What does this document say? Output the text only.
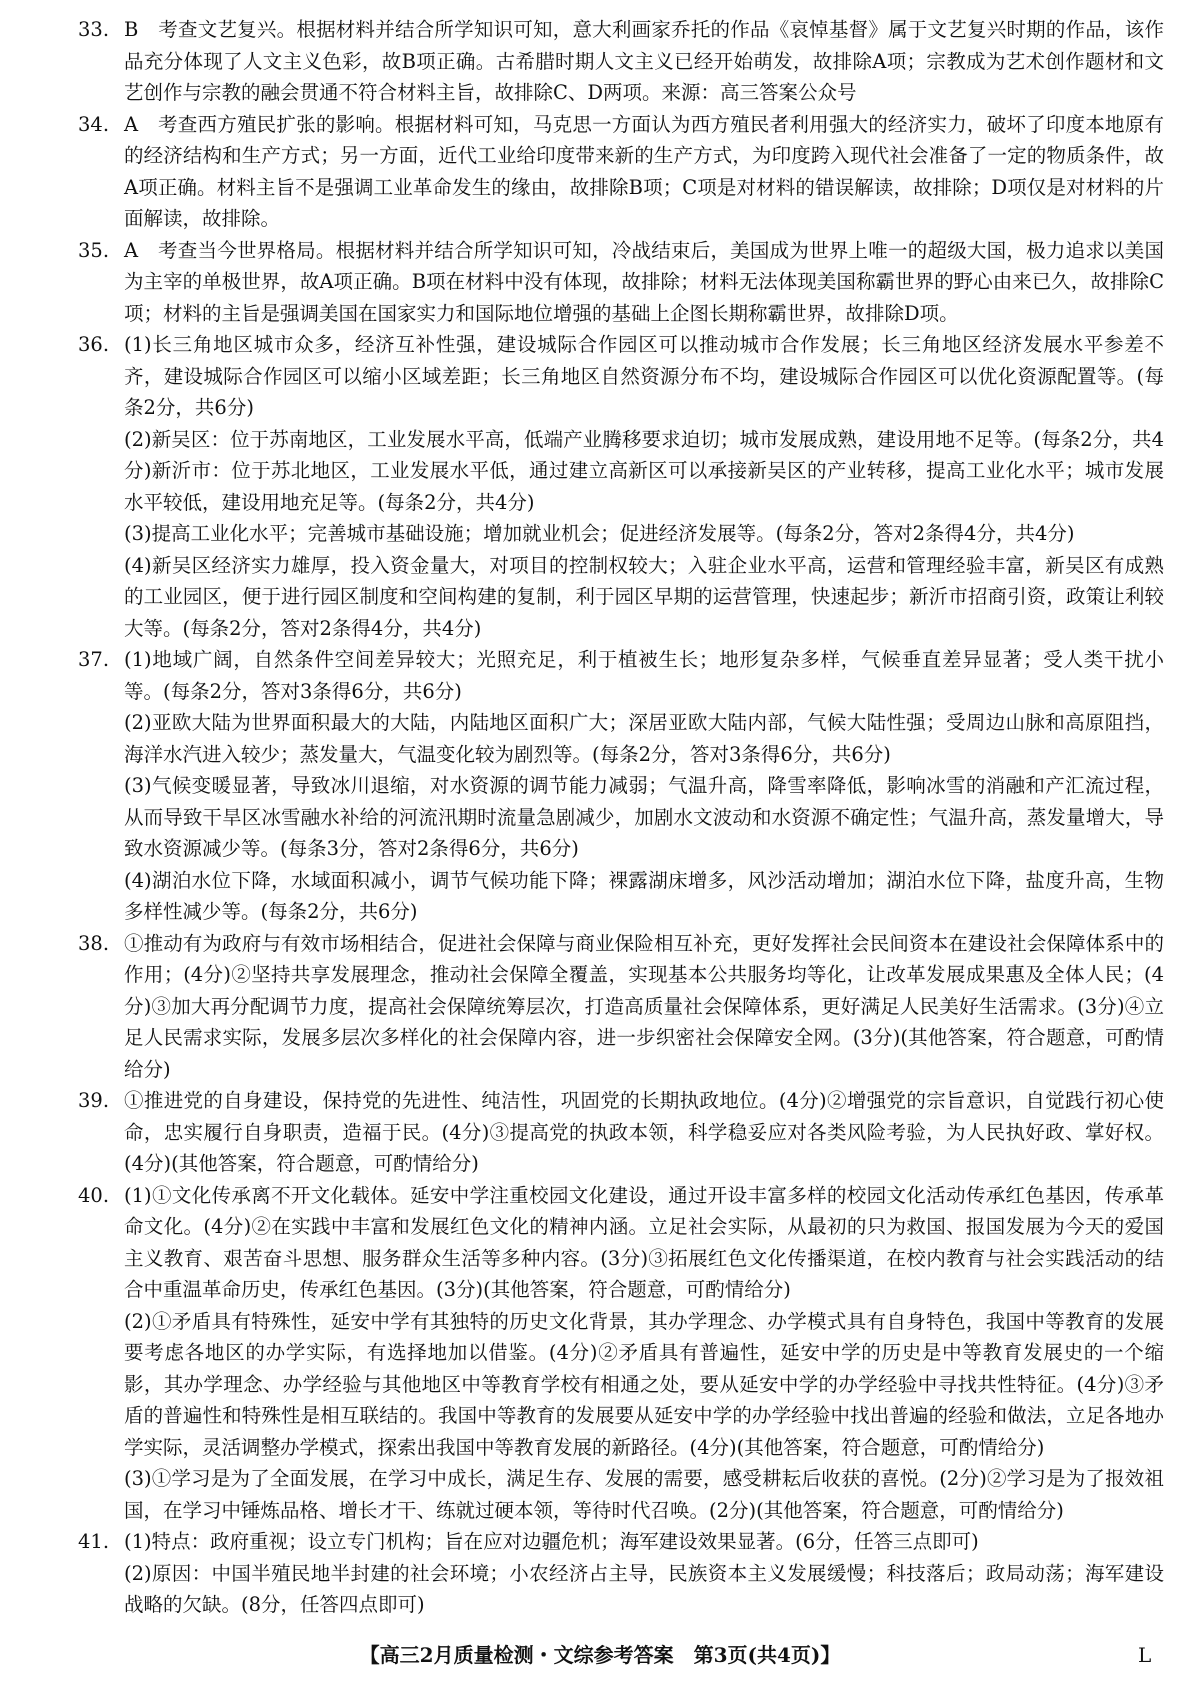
33. B　考查文艺复兴。根据材料并结合所学知识可知，意大利画家乔托的作品《哀悼基督》属于文艺复兴时期的作品，该作品充分体现了人文主义色彩，故B项正确。古希腊时期人文主义已经开始萌发，故排除A项；宗教成为艺术创作题材和文艺创作与宗教的融会贯通不符合材料主旨，故排除C、D两项。来源：高三答案公众号

34. A　考查西方殖民扩张的影响。根据材料可知，马克思一方面认为西方殖民者利用强大的经济实力，破坏了印度本地原有的经济结构和生产方式；另一方面，近代工业给印度带来新的生产方式，为印度跨入现代社会准备了一定的物质条件，故A项正确。材料主旨不是强调工业革命发生的缘由，故排除B项；C项是对材料的错误解读，故排除；D项仅是对材料的片面解读，故排除。

35. A　考查当今世界格局。根据材料并结合所学知识可知，冷战结束后，美国成为世界上唯一的超级大国，极力追求以美国为主宰的单极世界，故A项正确。B项在材料中没有体现，故排除；材料无法体现美国称霸世界的野心由来已久，故排除C项；材料的主旨是强调美国在国家实力和国际地位增强的基础上企图长期称霸世界，故排除D项。

36. (1)长三角地区城市众多，经济互补性强，建设城际合作园区可以推动城市合作发展；长三角地区经济发展水平参差不齐，建设城际合作园区可以缩小区域差距；长三角地区自然资源分布不均，建设城际合作园区可以优化资源配置等。(每条2分，共6分)

(2)新吴区：位于苏南地区，工业发展水平高，低端产业腾移要求迫切；城市发展成熟，建设用地不足等。(每条2分，共4分)新沂市：位于苏北地区，工业发展水平低，通过建立高新区可以承接新吴区的产业转移，提高工业化水平；城市发展水平较低，建设用地充足等。(每条2分，共4分)

(3)提高工业化水平；完善城市基础设施；增加就业机会；促进经济发展等。(每条2分，答对2条得4分，共4分)

(4)新吴区经济实力雄厚，投入资金量大，对项目的控制权较大；入驻企业水平高，运营和管理经验丰富，新吴区有成熟的工业园区，便于进行园区制度和空间构建的复制，利于园区早期的运营管理，快速起步；新沂市招商引资，政策让利较大等。(每条2分，答对2条得4分，共4分)

37. (1)地域广阔，自然条件空间差异较大；光照充足，利于植被生长；地形复杂多样，气候垂直差异显著；受人类干扰小等。(每条2分，答对3条得6分，共6分)

(2)亚欧大陆为世界面积最大的大陆，内陆地区面积广大；深居亚欧大陆内部，气候大陆性强；受周边山脉和高原阻挡，海洋水汽进入较少；蒸发量大，气温变化较为剧烈等。(每条2分，答对3条得6分，共6分)

(3)气候变暖显著，导致冰川退缩，对水资源的调节能力减弱；气温升高，降雪率降低，影响冰雪的消融和产汇流过程，从而导致干旱区冰雪融水补给的河流汛期时流量急剧减少，加剧水文波动和水资源不确定性；气温升高，蒸发量增大，导致水资源减少等。(每条3分，答对2条得6分，共6分)

(4)湖泊水位下降，水域面积减小，调节气候功能下降；裸露湖床增多，风沙活动增加；湖泊水位下降，盐度升高，生物多样性减少等。(每条2分，共6分)

38. ①推动有为政府与有效市场相结合，促进社会保障与商业保险相互补充，更好发挥社会民间资本在建设社会保障体系中的作用；(4分)②坚持共享发展理念，推动社会保障全覆盖，实现基本公共服务均等化，让改革发展成果惠及全体人民；(4分)③加大再分配调节力度，提高社会保障统筹层次，打造高质量社会保障体系，更好满足人民美好生活需求。(3分)④立足人民需求实际，发展多层次多样化的社会保障内容，进一步织密社会保障安全网。(3分)(其他答案，符合题意，可酌情给分)

39. ①推进党的自身建设，保持党的先进性、纯洁性，巩固党的长期执政地位。(4分)②增强党的宗旨意识，自觉践行初心使命，忠实履行自身职责，造福于民。(4分)③提高党的执政本领，科学稳妥应对各类风险考验，为人民执好政、掌好权。(4分)(其他答案，符合题意，可酌情给分)

40. (1)①文化传承离不开文化载体。延安中学注重校园文化建设，通过开设丰富多样的校园文化活动传承红色基因，传承革命文化。(4分)②在实践中丰富和发展红色文化的精神内涵。立足社会实际，从最初的只为救国、报国发展为今天的爱国主义教育、艰苦奋斗思想、服务群众生活等多种内容。(3分)③拓展红色文化传播渠道，在校内教育与社会实践活动的结合中重温革命历史，传承红色基因。(3分)(其他答案，符合题意，可酌情给分)

(2)①矛盾具有特殊性，延安中学有其独特的历史文化背景，其办学理念、办学模式具有自身特色，我国中等教育的发展要考虑各地区的办学实际，有选择地加以借鉴。(4分)②矛盾具有普遍性，延安中学的历史是中等教育发展史的一个缩影，其办学理念、办学经验与其他地区中等教育学校有相通之处，要从延安中学的办学经验中寻找共性特征。(4分)③矛盾的普遍性和特殊性是相互联结的。我国中等教育的发展要从延安中学的办学经验中找出普遍的经验和做法，立足各地办学实际，灵活调整办学模式，探索出我国中等教育发展的新路径。(4分)(其他答案，符合题意，可酌情给分)

(3)①学习是为了全面发展，在学习中成长，满足生存、发展的需要，感受耕耘后收获的喜悦。(2分)②学习是为了报效祖国，在学习中锤炼品格、增长才干、练就过硬本领，等待时代召唤。(2分)(其他答案，符合题意，可酌情给分)

41. (1)特点：政府重视；设立专门机构；旨在应对边疆危机；海军建设效果显著。(6分，任答三点即可)

(2)原因：中国半殖民地半封建的社会环境；小农经济占主导，民族资本主义发展缓慢；科技落后；政局动荡；海军建设战略的欠缺。(8分，任答四点即可)

【高三2月质量检测・文综参考答案　第3页(共4页)】	L
